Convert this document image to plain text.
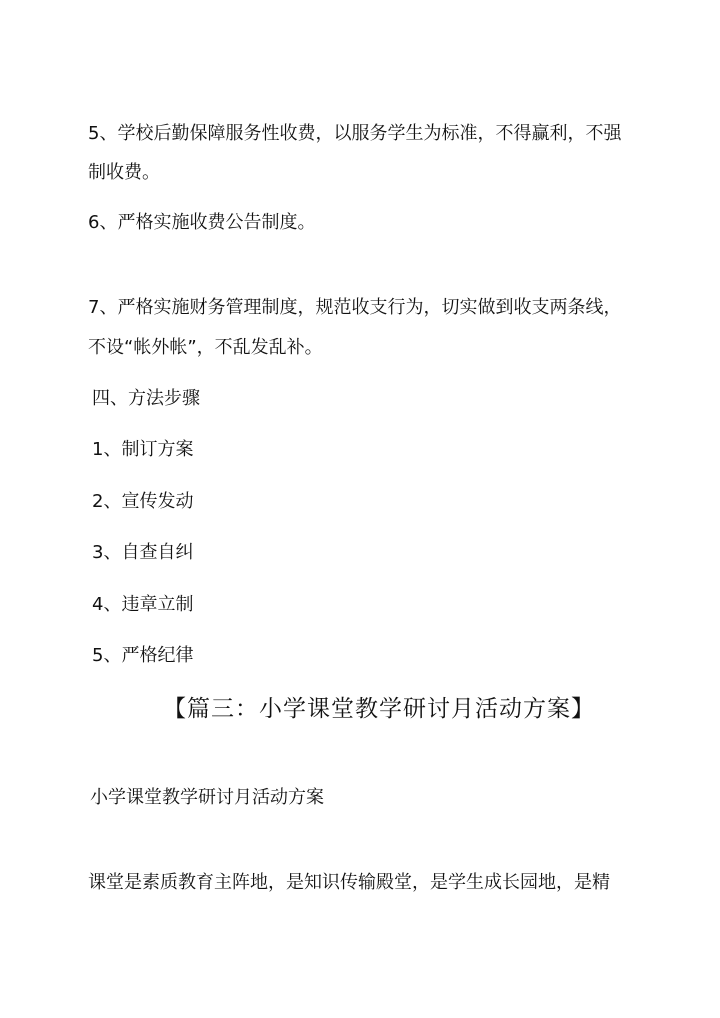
5、学校后勤保障服务性收费，以服务学生为标准，不得赢利，不强
制收费。
6、严格实施收费公告制度。
7、严格实施财务管理制度，规范收支行为，切实做到收支两条线，
不设“帐外帐”，不乱发乱补。
四、方法步骤
1、制订方案
2、宣传发动
3、自查自纠
4、违章立制
5、严格纪律
【篇三：小学课堂教学研讨月活动方案】
小学课堂教学研讨月活动方案
课堂是素质教育主阵地，是知识传输殿堂，是学生成长园地，是精
